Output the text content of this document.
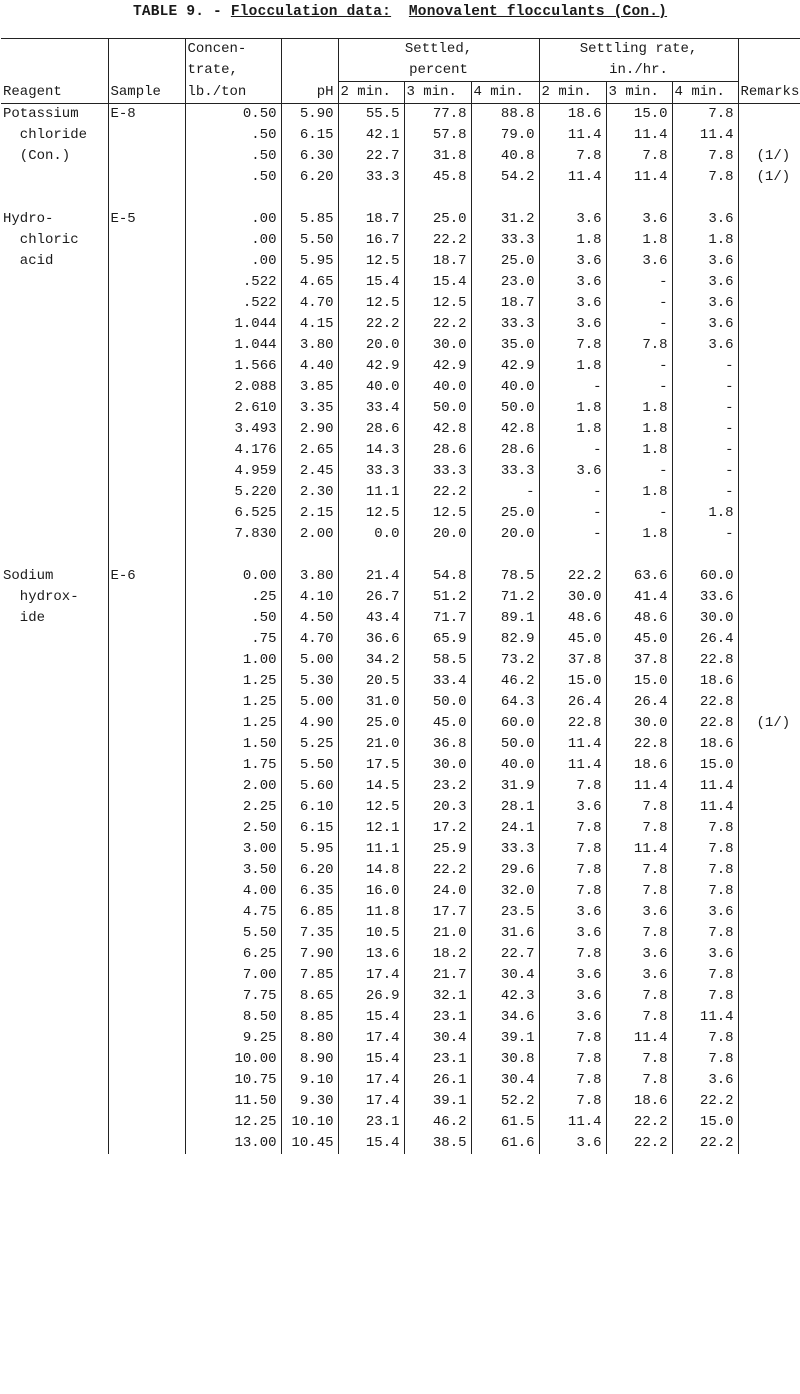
TABLE 9. - Flocculation data: Monovalent flocculants (Con.)
		Concen-		Settled,			Settling rate,			
		trate,		percent			in./hr.			
Reagent	Sample	lb./ton	pH	2 min.	3 min.	4 min.	2 min.	3 min.	4 min.	Remarks
Potassium	E-8	0.50	5.90	55.5	77.8	88.8	18.6	15.0	7.8	
chloride		.50	6.15	42.1	57.8	79.0	11.4	11.4	11.4	
(Con.)		.50	6.30	22.7	31.8	40.8	7.8	7.8	7.8	(1/)
		.50	6.20	33.3	45.8	54.2	11.4	11.4	7.8	(1/)

Hydro-	E-5	.00	5.85	18.7	25.0	31.2	3.6	3.6	3.6	
chloric		.00	5.50	16.7	22.2	33.3	1.8	1.8	1.8	
acid		.00	5.95	12.5	18.7	25.0	3.6	3.6	3.6	
		.522	4.65	15.4	15.4	23.0	3.6	-	3.6	
		.522	4.70	12.5	12.5	18.7	3.6	-	3.6	
		1.044	4.15	22.2	22.2	33.3	3.6	-	3.6	
		1.044	3.80	20.0	30.0	35.0	7.8	7.8	3.6	
		1.566	4.40	42.9	42.9	42.9	1.8	-	-	
		2.088	3.85	40.0	40.0	40.0	-	-	-	
		2.610	3.35	33.4	50.0	50.0	1.8	1.8	-	
		3.493	2.90	28.6	42.8	42.8	1.8	1.8	-	
		4.176	2.65	14.3	28.6	28.6	-	1.8	-	
		4.959	2.45	33.3	33.3	33.3	3.6	-	-	
		5.220	2.30	11.1	22.2	-	-	1.8	-	
		6.525	2.15	12.5	12.5	25.0	-	-	1.8	
		7.830	2.00	0.0	20.0	20.0	-	1.8	-	

Sodium	E-6	0.00	3.80	21.4	54.8	78.5	22.2	63.6	60.0	
hydrox-		.25	4.10	26.7	51.2	71.2	30.0	41.4	33.6	
ide		.50	4.50	43.4	71.7	89.1	48.6	48.6	30.0	
		.75	4.70	36.6	65.9	82.9	45.0	45.0	26.4	
		1.00	5.00	34.2	58.5	73.2	37.8	37.8	22.8	
		1.25	5.30	20.5	33.4	46.2	15.0	15.0	18.6	
		1.25	5.00	31.0	50.0	64.3	26.4	26.4	22.8	
		1.25	4.90	25.0	45.0	60.0	22.8	30.0	22.8	(1/)
		1.50	5.25	21.0	36.8	50.0	11.4	22.8	18.6	
		1.75	5.50	17.5	30.0	40.0	11.4	18.6	15.0	
		2.00	5.60	14.5	23.2	31.9	7.8	11.4	11.4	
		2.25	6.10	12.5	20.3	28.1	3.6	7.8	11.4	
		2.50	6.15	12.1	17.2	24.1	7.8	7.8	7.8	
		3.00	5.95	11.1	25.9	33.3	7.8	11.4	7.8	
		3.50	6.20	14.8	22.2	29.6	7.8	7.8	7.8	
		4.00	6.35	16.0	24.0	32.0	7.8	7.8	7.8	
		4.75	6.85	11.8	17.7	23.5	3.6	3.6	3.6	
		5.50	7.35	10.5	21.0	31.6	3.6	7.8	7.8	
		6.25	7.90	13.6	18.2	22.7	7.8	3.6	3.6	
		7.00	7.85	17.4	21.7	30.4	3.6	3.6	7.8	
		7.75	8.65	26.9	32.1	42.3	3.6	7.8	7.8	
		8.50	8.85	15.4	23.1	34.6	3.6	7.8	11.4	
		9.25	8.80	17.4	30.4	39.1	7.8	11.4	7.8	
		10.00	8.90	15.4	23.1	30.8	7.8	7.8	7.8	
		10.75	9.10	17.4	26.1	30.4	7.8	7.8	3.6	
		11.50	9.30	17.4	39.1	52.2	7.8	18.6	22.2	
		12.25	10.10	23.1	46.2	61.5	11.4	22.2	15.0	
		13.00	10.45	15.4	38.5	61.6	3.6	22.2	22.2	
